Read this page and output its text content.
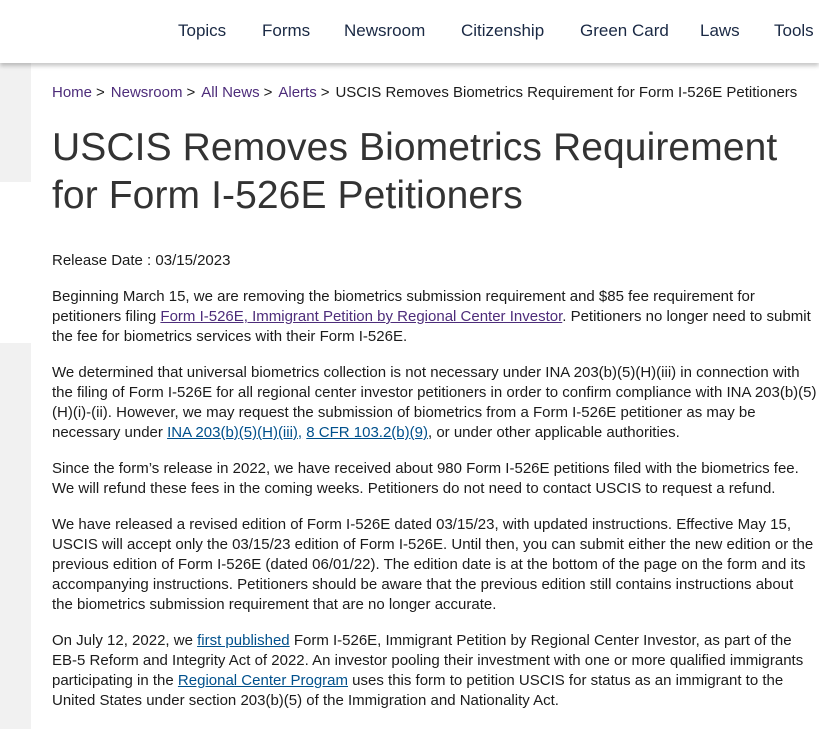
Topics Forms Newsroom Citizenship Green Card Laws Tools
Home > Newsroom > All News > Alerts > USCIS Removes Biometrics Requirement for Form I-526E Petitioners
USCIS Removes Biometrics Requirement for Form I-526E Petitioners

Release Date : 03/15/2023

Beginning March 15, we are removing the biometrics submission requirement and $85 fee requirement for petitioners filing Form I-526E, Immigrant Petition by Regional Center Investor. Petitioners no longer need to submit the fee for biometrics services with their Form I-526E.

We determined that universal biometrics collection is not necessary under INA 203(b)(5)(H)(iii) in connection with the filing of Form I-526E for all regional center investor petitioners in order to confirm compliance with INA 203(b)(5)(H)(i)-(ii). However, we may request the submission of biometrics from a Form I-526E petitioner as may be necessary under INA 203(b)(5)(H)(iii), 8 CFR 103.2(b)(9), or under other applicable authorities.

Since the form’s release in 2022, we have received about 980 Form I-526E petitions filed with the biometrics fee. We will refund these fees in the coming weeks. Petitioners do not need to contact USCIS to request a refund.

We have released a revised edition of Form I-526E dated 03/15/23, with updated instructions. Effective May 15, USCIS will accept only the 03/15/23 edition of Form I-526E. Until then, you can submit either the new edition or the previous edition of Form I-526E (dated 06/01/22). The edition date is at the bottom of the page on the form and its accompanying instructions. Petitioners should be aware that the previous edition still contains instructions about the biometrics submission requirement that are no longer accurate.

On July 12, 2022, we first published Form I-526E, Immigrant Petition by Regional Center Investor, as part of the EB-5 Reform and Integrity Act of 2022. An investor pooling their investment with one or more qualified immigrants participating in the Regional Center Program uses this form to petition USCIS for status as an immigrant to the United States under section 203(b)(5) of the Immigration and Nationality Act.
